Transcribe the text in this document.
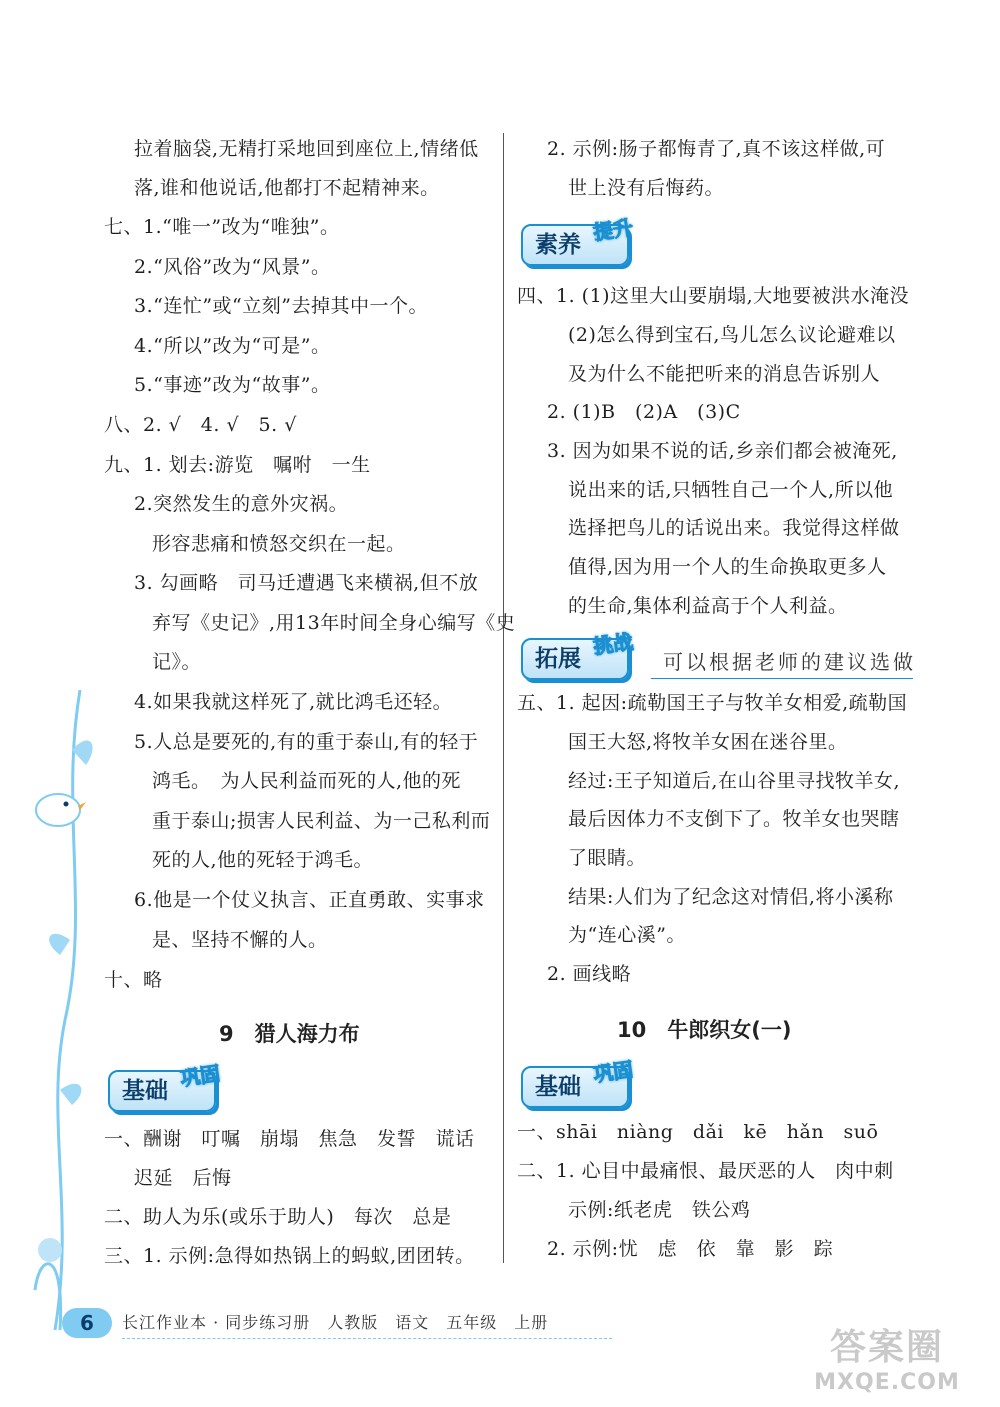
拉着脑袋,无精打采地回到座位上,情绪低
落,谁和他说话,他都打不起精神来。
七、1.“唯一”改为“唯独”。
2.“风俗”改为“风景”。
3.“连忙”或“立刻”去掉其中一个。
4.“所以”改为“可是”。
5.“事迹”改为“故事”。
八、2. √　4. √　5. √
九、1. 划去:游览　嘱咐　一生
2.突然发生的意外灾祸。
形容悲痛和愤怒交织在一起。
3. 勾画略　司马迁遭遇飞来横祸,但不放
弃写《史记》,用13年时间全身心编写《史
记》。
4.如果我就这样死了,就比鸿毛还轻。
5.人总是要死的,有的重于泰山,有的轻于
鸿毛。　为人民利益而死的人,他的死
重于泰山;损害人民利益、为一己私利而
死的人,他的死轻于鸿毛。
6.他是一个仗义执言、正直勇敢、实事求
是、坚持不懈的人。
十、略
9　猎人海力布
基础
巩固
一、酬谢　叮嘱　崩塌　焦急　发誓　谎话
迟延　后悔
二、助人为乐(或乐于助人)　每次　总是
三、1. 示例:急得如热锅上的蚂蚁,团团转。
2. 示例:肠子都悔青了,真不该这样做,可
世上没有后悔药。
素养
提升
四、1. (1)这里大山要崩塌,大地要被洪水淹没
(2)怎么得到宝石,鸟儿怎么议论避难以
及为什么不能把听来的消息告诉别人
2. (1)B　(2)A　(3)C
3. 因为如果不说的话,乡亲们都会被淹死,
说出来的话,只牺牲自己一个人,所以他
选择把鸟儿的话说出来。我觉得这样做
值得,因为用一个人的生命换取更多人
的生命,集体利益高于个人利益。
拓展
挑战
可以根据老师的建议选做
五、1. 起因:疏勒国王子与牧羊女相爱,疏勒国
国王大怒,将牧羊女困在迷谷里。
经过:王子知道后,在山谷里寻找牧羊女,
最后因体力不支倒下了。牧羊女也哭瞎
了眼睛。
结果:人们为了纪念这对情侣,将小溪称
为“连心溪”。
2. 画线略
10　牛郎织女(一)
基础
巩固
一、shāi　niàng　dǎi　kē　hǎn　suō
二、1. 心目中最痛恨、最厌恶的人　肉中刺
示例:纸老虎　铁公鸡
2. 示例:忧　虑　依　靠　影　踪
6	长江作业本 · 同步练习册　人教版　语文　五年级　上册
答案圈
MXQE.COM
